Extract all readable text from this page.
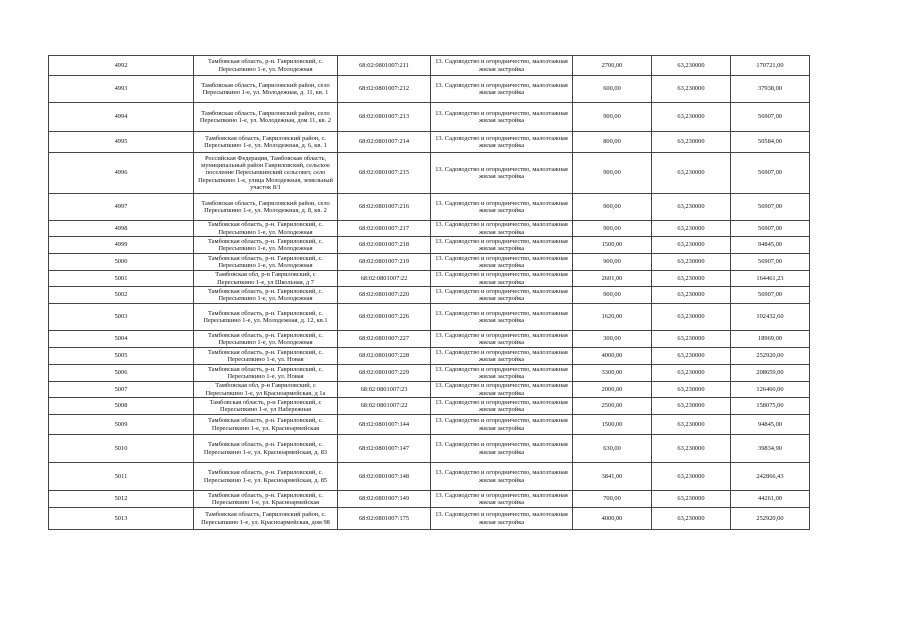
4992	Тамбовская область, р-н. Гавриловский, с. Пересыпкино 1-е, ул. Молодежная	68:02:0801007:211	13. Садоводство и огородничество, малоэтажная жилая застройка	2700,00	63,230000	170721,00
4993	Тамбовская область, Гавриловский район, село Пересыпкино 1-е, ул. Молодежная, д. 11, кв. 1	68:02:0801007:212	13. Садоводство и огородничество, малоэтажная жилая застройка	600,00	63,230000	37938,00
4994	Тамбовская область, Гавриловский район, село Пересыпкино 1-е, ул. Молодежная, дом 11, кв. 2	68:02:0801007:213	13. Садоводство и огородничество, малоэтажная жилая застройка	900,00	63,230000	56907,00
4995	Тамбовская область, Гавриловский район, с. Пересыпкино 1-е, ул. Молодежная, д. 6, кв. 1	68:02:0801007:214	13. Садоводство и огородничество, малоэтажная жилая застройка	800,00	63,230000	50584,00
4996	Российская Федерация, Тамбовская область, муниципальный район Гавриловский, сельское поселение Пересыпкинский сельсовет, село Пересыпкино 1-е, улица Молодежная, земельный участок 8/1	68:02:0801007:215	13. Садоводство и огородничество, малоэтажная жилая застройка	900,00	63,230000	56907,00
4997	Тамбовская область, Гавриловский район, село Пересыпкино 1-е, ул. Молодежная, д. 8, кв. 2	68:02:0801007:216	13. Садоводство и огородничество, малоэтажная жилая застройка	900,00	63,230000	56907,00
4998	Тамбовская область, р-н. Гавриловский, с. Пересыпкино 1-е, ул. Молодежная	68:02:0801007:217	13. Садоводство и огородничество, малоэтажная жилая застройка	900,00	63,230000	56907,00
4999	Тамбовская область, р-н. Гавриловский, с. Пересыпкино 1-е, ул. Молодежная	68:02:0801007:218	13. Садоводство и огородничество, малоэтажная жилая застройка	1500,00	63,230000	94845,00
5000	Тамбовская область, р-н. Гавриловский, с. Пересыпкино 1-е, ул. Молодежная	68:02:0801007:219	13. Садоводство и огородничество, малоэтажная жилая застройка	900,00	63,230000	56907,00
5001	Тамбовская обл, р-н Гавриловский, с Пересыпкино 1-е, ул Школьная, д 7	68:02:0801007:22	13. Садоводство и огородничество, малоэтажная жилая застройка	2601,00	63,230000	164461,23
5002	Тамбовская область, р-н. Гавриловский, с. Пересыпкино 1-е, ул. Молодежная	68:02:0801007:220	13. Садоводство и огородничество, малоэтажная жилая застройка	900,00	63,230000	56907,00
5003	Тамбовская область, р-н. Гавриловский, с. Пересыпкино 1-е, ул. Молодежная, д. 12, кв.1	68:02:0801007:226	13. Садоводство и огородничество, малоэтажная жилая застройка	1620,00	63,230000	102432,60
5004	Тамбовская область, р-н. Гавриловский, с. Пересыпкино 1-е, ул. Молодежная	68:02:0801007:227	13. Садоводство и огородничество, малоэтажная жилая застройка	300,00	63,230000	18969,00
5005	Тамбовская область, р-н. Гавриловский, с. Пересыпкино 1-е, ул. Новая	68:02:0801007:228	13. Садоводство и огородничество, малоэтажная жилая застройка	4000,00	63,230000	252920,00
5006	Тамбовская область, р-н. Гавриловский, с. Пересыпкино 1-е, ул. Новая	68:02:0801007:229	13. Садоводство и огородничество, малоэтажная жилая застройка	3300,00	63,230000	208659,00
5007	Тамбовская обл, р-н Гавриловский, с Пересыпкино 1-е, ул Красноармейская, д 1а	68:02:0801007:23	13. Садоводство и огородничество, малоэтажная жилая застройка	2000,00	63,230000	126460,00
5008	Тамбовская область, р-н Гавриловский, с Пересыпкино 1-е, ул Набережная	68:02:0801007:22	13. Садоводство и огородничество, малоэтажная жилая застройка	2500,00	63,230000	158075,00
5009	Тамбовская область, р-н. Гавриловский, с. Пересыпкино 1-е, ул. Красноармейская	68:02:0801007:144	13. Садоводство и огородничество, малоэтажная жилая застройка	1500,00	63,230000	94845,00
5010	Тамбовская область, р-н. Гавриловский, с. Пересыпкино 1-е, ул. Красноармейская, д. 83	68:02:0801007:147	13. Садоводство и огородничество, малоэтажная жилая застройка	630,00	63,230000	39834,90
5011	Тамбовская область, р-н. Гавриловский, с. Пересыпкино 1-е, ул. Красноармейская, д. 85	68:02:0801007:148	13. Садоводство и огородничество, малоэтажная жилая застройка	3841,00	63,230000	242866,43
5012	Тамбовская область, р-н. Гавриловский, с. Пересыпкино 1-е, ул. Красноармейская	68:02:0801007:149	13. Садоводство и огородничество, малоэтажная жилая застройка	700,00	63,230000	44261,00
5013	Тамбовская область, Гавриловский район, с. Пересыпкино 1-е, ул. Красноармейская, дом 98	68:02:0801007:175	13. Садоводство и огородничество, малоэтажная жилая застройка	4000,00	63,230000	252920,00
